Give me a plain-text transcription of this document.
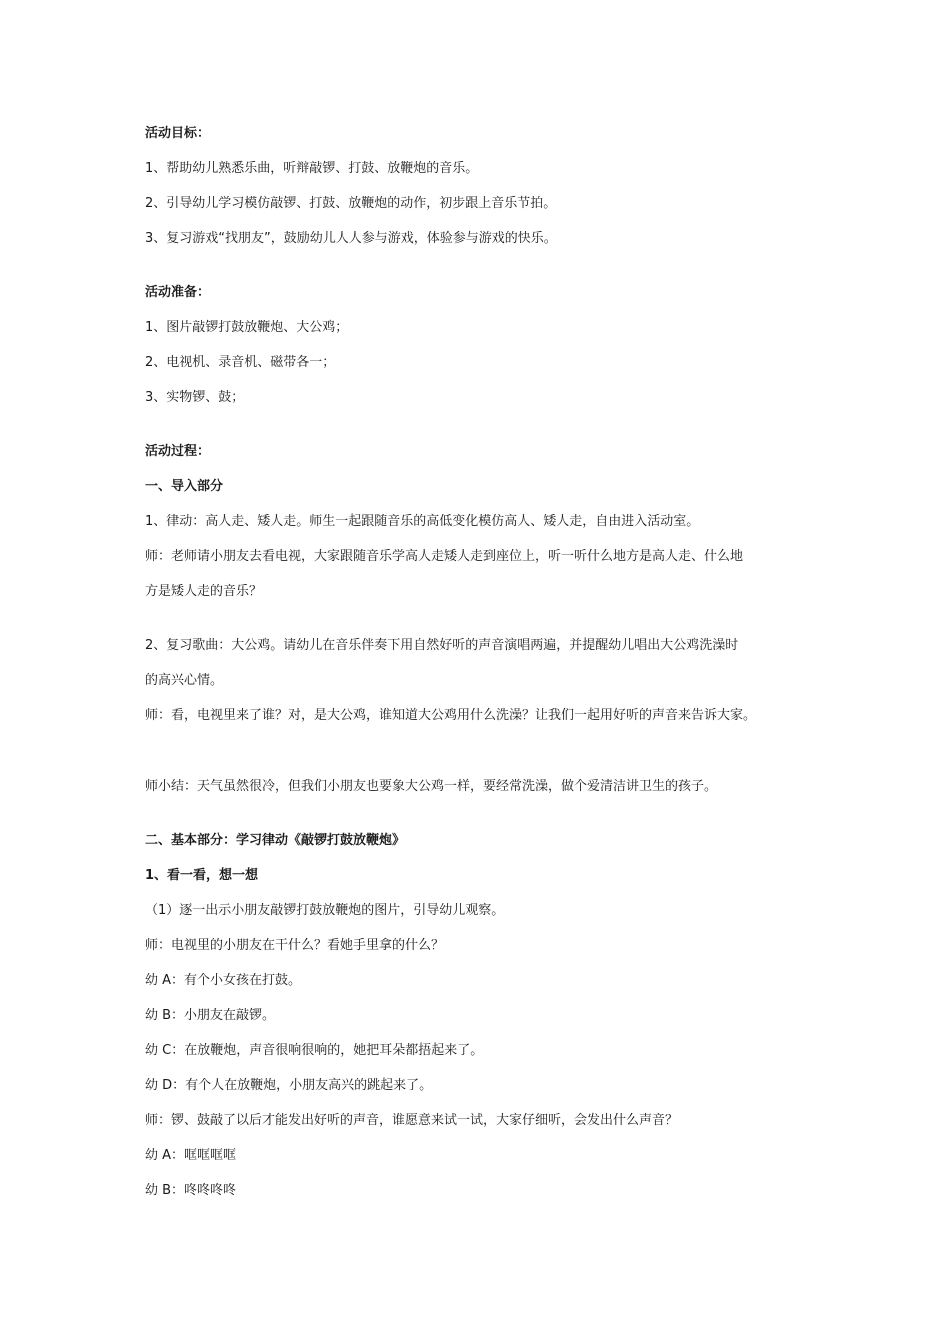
活动目标：
1、帮助幼儿熟悉乐曲，听辩敲锣、打鼓、放鞭炮的音乐。
2、引导幼儿学习模仿敲锣、打鼓、放鞭炮的动作，初步跟上音乐节拍。
3、复习游戏“找朋友”，鼓励幼儿人人参与游戏，体验参与游戏的快乐。
活动准备：
1、图片敲锣打鼓放鞭炮、大公鸡；
2、电视机、录音机、磁带各一；
3、实物锣、鼓；
活动过程：
一、导入部分
1、律动：高人走、矮人走。师生一起跟随音乐的高低变化模仿高人、矮人走，自由进入活动室。
师：老师请小朋友去看电视，大家跟随音乐学高人走矮人走到座位上，听一听什么地方是高人走、什么地
方是矮人走的音乐？
2、复习歌曲：大公鸡。请幼儿在音乐伴奏下用自然好听的声音演唱两遍，并提醒幼儿唱出大公鸡洗澡时
的高兴心情。
师：看，电视里来了谁？对，是大公鸡，谁知道大公鸡用什么洗澡？让我们一起用好听的声音来告诉大家。
师小结：天气虽然很冷，但我们小朋友也要象大公鸡一样，要经常洗澡，做个爱清洁讲卫生的孩子。
二、基本部分：学习律动《敲锣打鼓放鞭炮》
1、看一看，想一想
（1）逐一出示小朋友敲锣打鼓放鞭炮的图片，引导幼儿观察。
师：电视里的小朋友在干什么？看她手里拿的什么？
幼 A：有个小女孩在打鼓。
幼 B：小朋友在敲锣。
幼 C：在放鞭炮，声音很响很响的，她把耳朵都捂起来了。
幼 D：有个人在放鞭炮，小朋友高兴的跳起来了。
师：锣、鼓敲了以后才能发出好听的声音，谁愿意来试一试，大家仔细听，会发出什么声音？
幼 A：哐哐哐哐
幼 B：咚咚咚咚
